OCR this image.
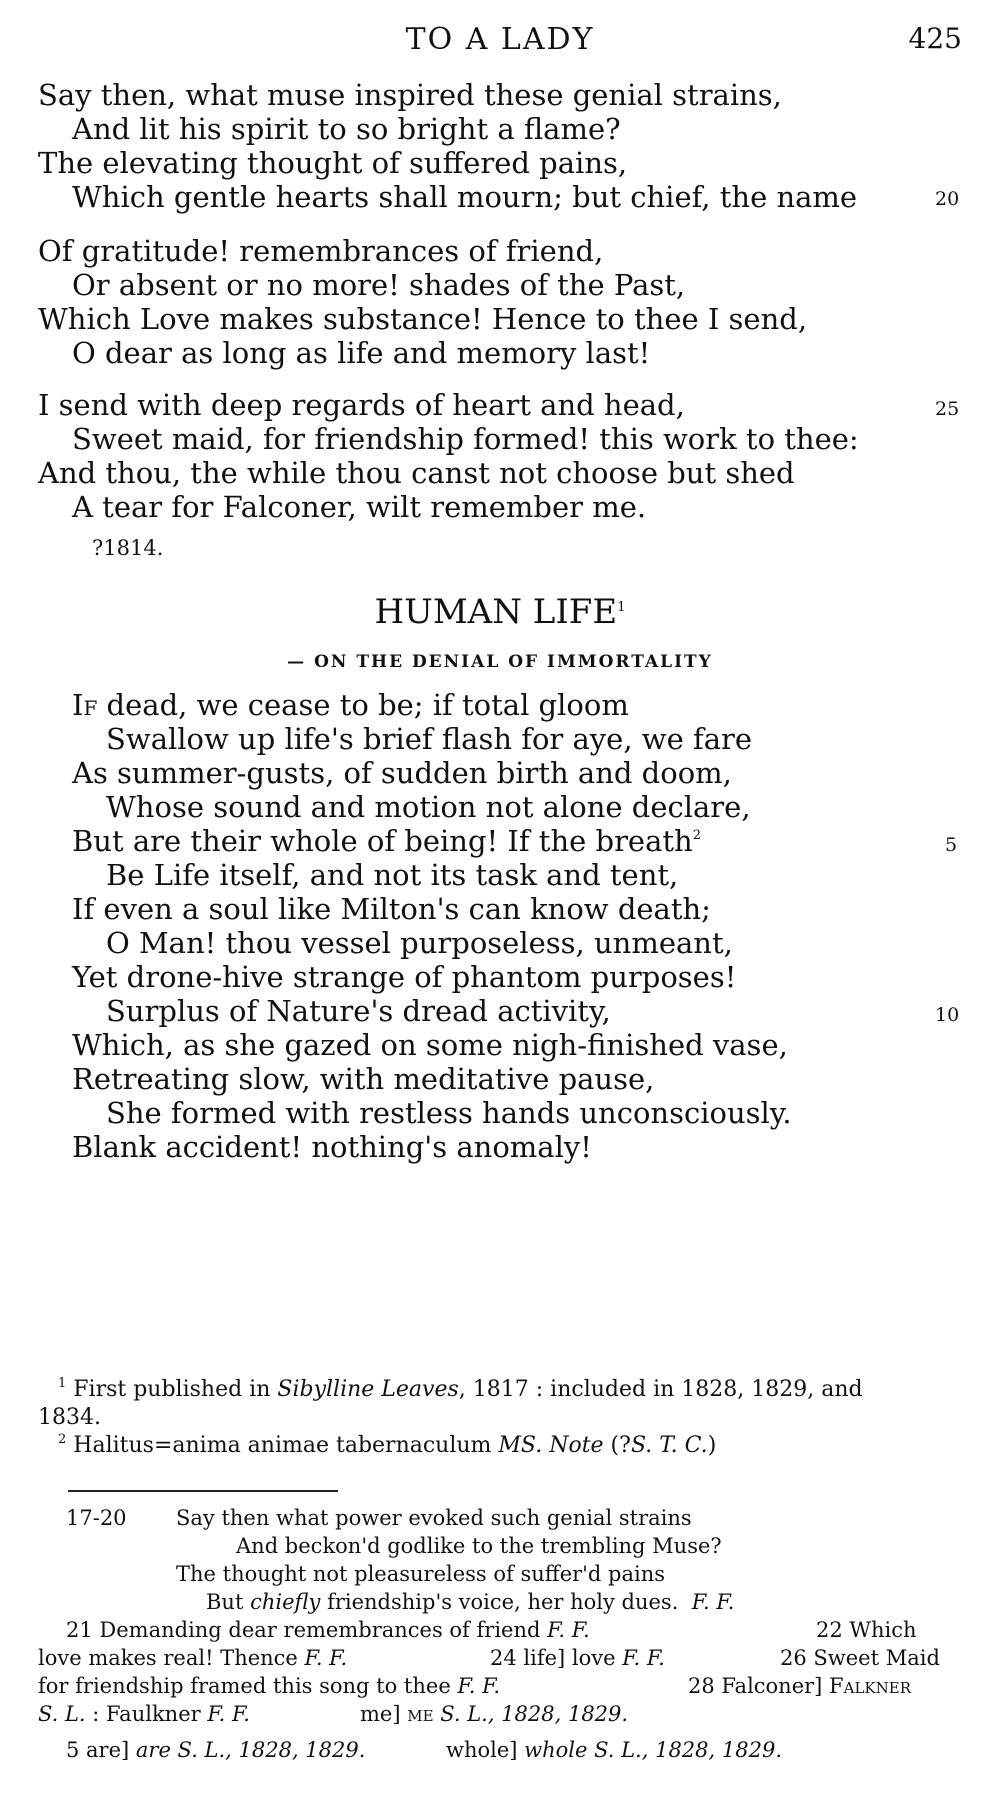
TO A LADY	425
Say then, what muse inspired these genial strains,
And lit his spirit to so bright a flame?
The elevating thought of suffered pains,
Which gentle hearts shall mourn; but chief, the name	20
Of gratitude! remembrances of friend,
Or absent or no more! shades of the Past,
Which Love makes substance! Hence to thee I send,
O dear as long as life and memory last!
I send with deep regards of heart and head,	25
Sweet maid, for friendship formed! this work to thee:
And thou, the while thou canst not choose but shed
A tear for Falconer, wilt remember me.
?1814.
HUMAN LIFE$^1$
— ON THE DENIAL OF IMMORTALITY
If dead, we cease to be; if total gloom
Swallow up life's brief flash for aye, we fare
As summer-gusts, of sudden birth and doom,
Whose sound and motion not alone declare,
But are their whole of being! If the breath$^2$	5
Be Life itself, and not its task and tent,
If even a soul like Milton's can know death;
O Man! thou vessel purposeless, unmeant,
Yet drone-hive strange of phantom purposes!
Surplus of Nature's dread activity,	10
Which, as she gazed on some nigh-finished vase,
Retreating slow, with meditative pause,
She formed with restless hands unconsciously.
Blank accident! nothing's anomaly!
$^1$ First published in Sibylline Leaves, 1817 : included in 1828, 1829, and
1834.
$^2$ Halitus=anima animae tabernaculum MS. Note (?S. T. C.)
17-20 Say then what power evoked such genial strains
And beckon'd godlike to the trembling Muse?
The thought not pleasureless of suffer'd pains
But chiefly friendship's voice, her holy dues. F. F.
21 Demanding dear remembrances of friend F. F.	22 Which
love makes real! Thence F. F.	24 life] love F. F.	26 Sweet Maid
for friendship framed this song to thee F. F.	28 Falconer] Falkner
S. L. : Faulkner F. F.	me] me S. L., 1828, 1829.
5 are] are S. L., 1828, 1829.	whole] whole S. L., 1828, 1829.
